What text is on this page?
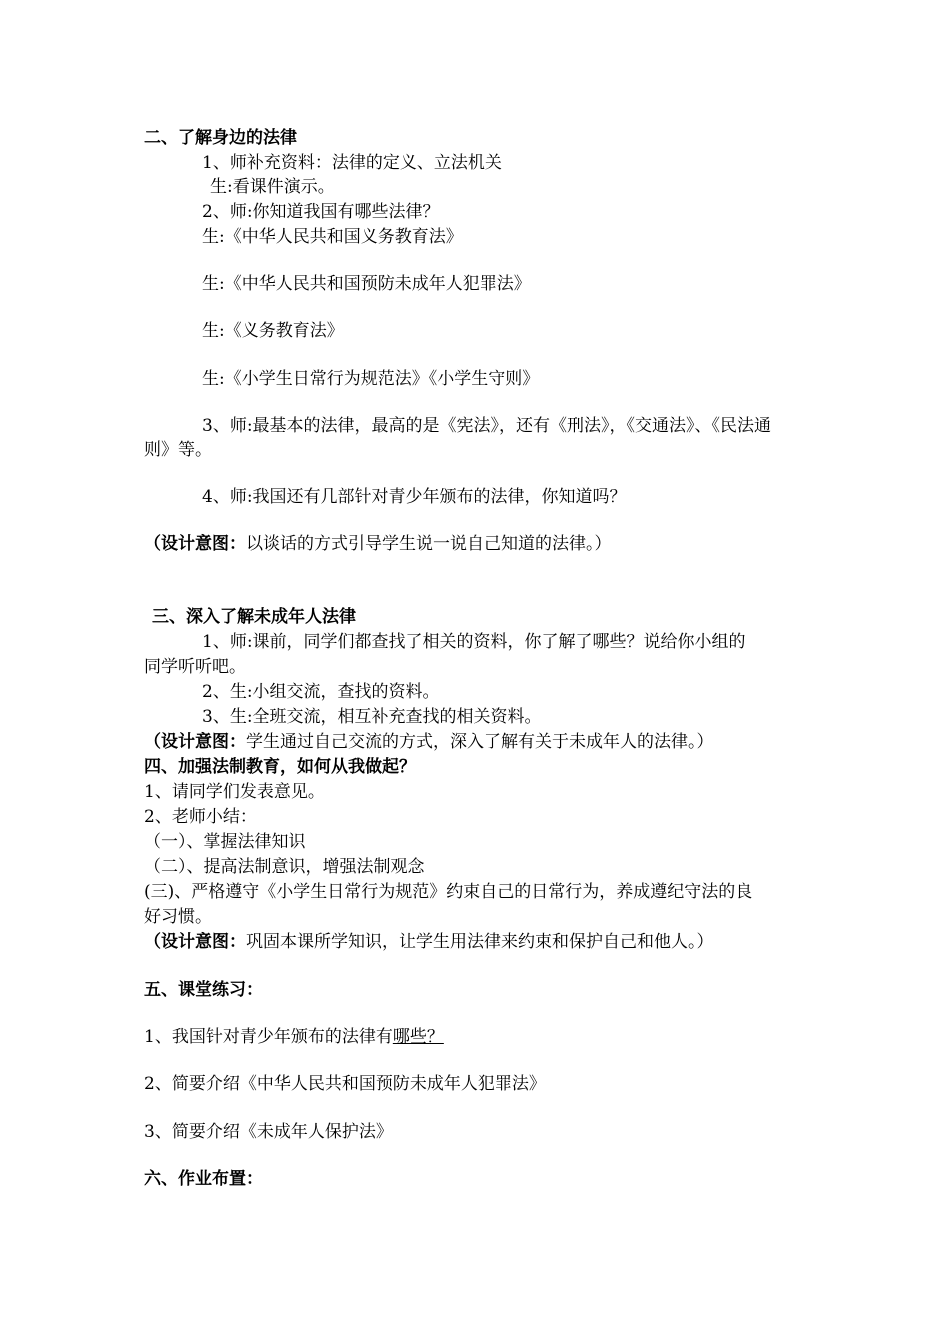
二、了解身边的法律
1、师补充资料：法律的定义、立法机关
生:看课件演示。
2、师:你知道我国有哪些法律？
生:《中华人民共和国义务教育法》
生:《中华人民共和国预防未成年人犯罪法》
生:《义务教育法》
生:《小学生日常行为规范法》《小学生守则》
3、师:最基本的法律，最高的是《宪法》，还有《刑法》，《交通法》、《民法通
则》等。
4、师:我国还有几部针对青少年颁布的法律，你知道吗？
（设计意图：以谈话的方式引导学生说一说自己知道的法律。）
三、深入了解未成年人法律
1、师:课前，同学们都查找了相关的资料，你了解了哪些？说给你小组的
同学听听吧。
2、生:小组交流，查找的资料。
3、生:全班交流，相互补充查找的相关资料。
（设计意图：学生通过自己交流的方式，深入了解有关于未成年人的法律。）
四、加强法制教育，如何从我做起？
1、请同学们发表意见。
2、老师小结：
（一）、掌握法律知识
（二）、提高法制意识，增强法制观念
(三)、严格遵守《小学生日常行为规范》约束自己的日常行为，养成遵纪守法的良
好习惯。
（设计意图：巩固本课所学知识，让学生用法律来约束和保护自己和他人。）
五、课堂练习：
1、我国针对青少年颁布的法律有哪些？
2、简要介绍《中华人民共和国预防未成年人犯罪法》
3、简要介绍《未成年人保护法》
六、作业布置：
